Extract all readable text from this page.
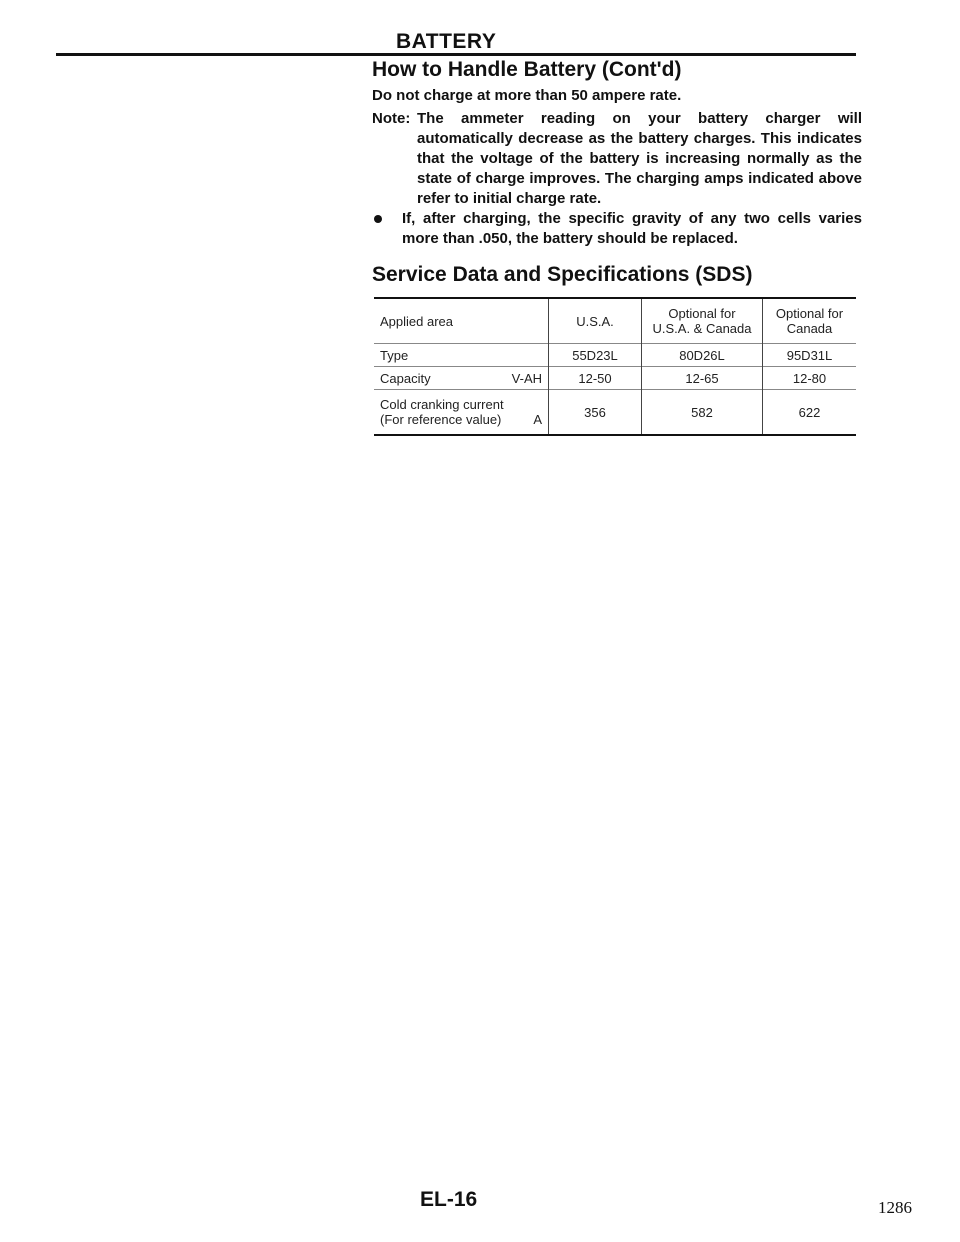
BATTERY
How to Handle Battery (Cont'd)
Do not charge at more than 50 ampere rate.
Note: The ammeter reading on your battery charger will automatically decrease as the battery charges. This indicates that the voltage of the battery is increasing normally as the state of charge improves. The charging amps indicated above refer to initial charge rate.
If, after charging, the specific gravity of any two cells varies more than .050, the battery should be replaced.
Service Data and Specifications (SDS)
Applied area	U.S.A.	Optional for U.S.A. & Canada	Optional for Canada
Type	55D23L	80D26L	95D31L

Capacity V-AH	12-50	12-65	12-80

Cold cranking current
(For reference value) A	356	582	622
EL-16	1286
